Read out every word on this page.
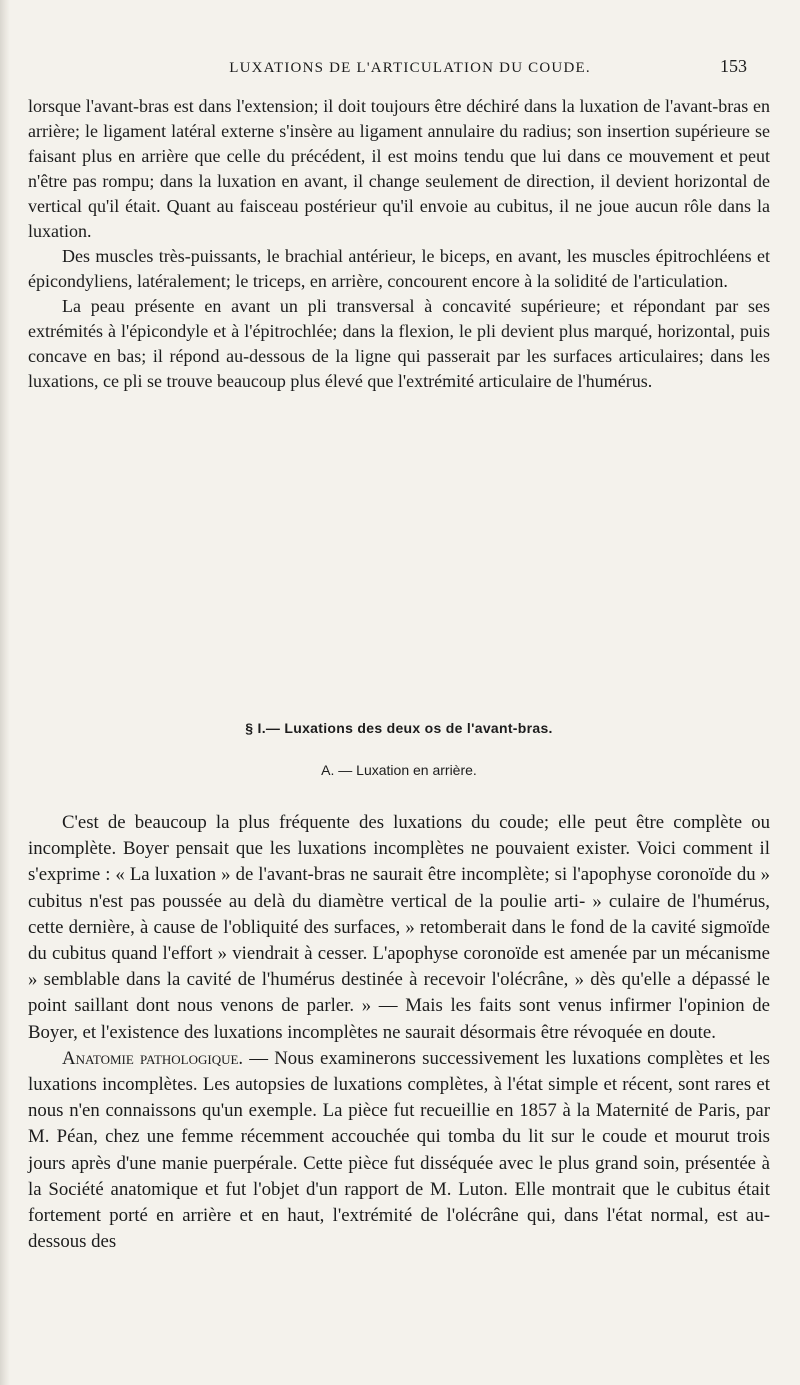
LUXATIONS DE L'ARTICULATION DU COUDE.	153

lorsque l'avant-bras est dans l'extension; il doit toujours être déchiré dans la luxation de l'avant-bras en arrière; le ligament latéral externe s'insère au ligament annulaire du radius; son insertion supérieure se faisant plus en arrière que celle du précédent, il est moins tendu que lui dans ce mouvement et peut n'être pas rompu; dans la luxation en avant, il change seulement de direction, il devient horizontal de vertical qu'il était. Quant au faisceau postérieur qu'il envoie au cubitus, il ne joue aucun rôle dans la luxation.

Des muscles très-puissants, le brachial antérieur, le biceps, en avant, les muscles épitrochléens et épicondyliens, latéralement; le triceps, en arrière, concourent encore à la solidité de l'articulation.

La peau présente en avant un pli transversal à concavité supérieure; et répondant par ses extrémités à l'épicondyle et à l'épitrochlée; dans la flexion, le pli devient plus marqué, horizontal, puis concave en bas; il répond au-dessous de la ligne qui passerait par les surfaces articulaires; dans les luxations, ce pli se trouve beaucoup plus élevé que l'extrémité articulaire de l'humérus.

§ I.— Luxations des deux os de l'avant-bras.
A. — Luxation en arrière.

C'est de beaucoup la plus fréquente des luxations du coude; elle peut être complète ou incomplète. Boyer pensait que les luxations incomplètes ne pouvaient exister. Voici comment il s'exprime : « La luxation » de l'avant-bras ne saurait être incomplète; si l'apophyse coronoïde du » cubitus n'est pas poussée au delà du diamètre vertical de la poulie arti- » culaire de l'humérus, cette dernière, à cause de l'obliquité des surfaces, » retomberait dans le fond de la cavité sigmoïde du cubitus quand l'effort » viendrait à cesser. L'apophyse coronoïde est amenée par un mécanisme » semblable dans la cavité de l'humérus destinée à recevoir l'olécrâne, » dès qu'elle a dépassé le point saillant dont nous venons de parler. » — Mais les faits sont venus infirmer l'opinion de Boyer, et l'existence des luxations incomplètes ne saurait désormais être révoquée en doute.

Anatomie pathologique. — Nous examinerons successivement les luxations complètes et les luxations incomplètes. Les autopsies de luxations complètes, à l'état simple et récent, sont rares et nous n'en connaissons qu'un exemple. La pièce fut recueillie en 1857 à la Maternité de Paris, par M. Péan, chez une femme récemment accouchée qui tomba du lit sur le coude et mourut trois jours après d'une manie puerpérale. Cette pièce fut disséquée avec le plus grand soin, présentée à la Société anatomique et fut l'objet d'un rapport de M. Luton. Elle montrait que le cubitus était fortement porté en arrière et en haut, l'extrémité de l'olécrâne qui, dans l'état normal, est au-dessous des
